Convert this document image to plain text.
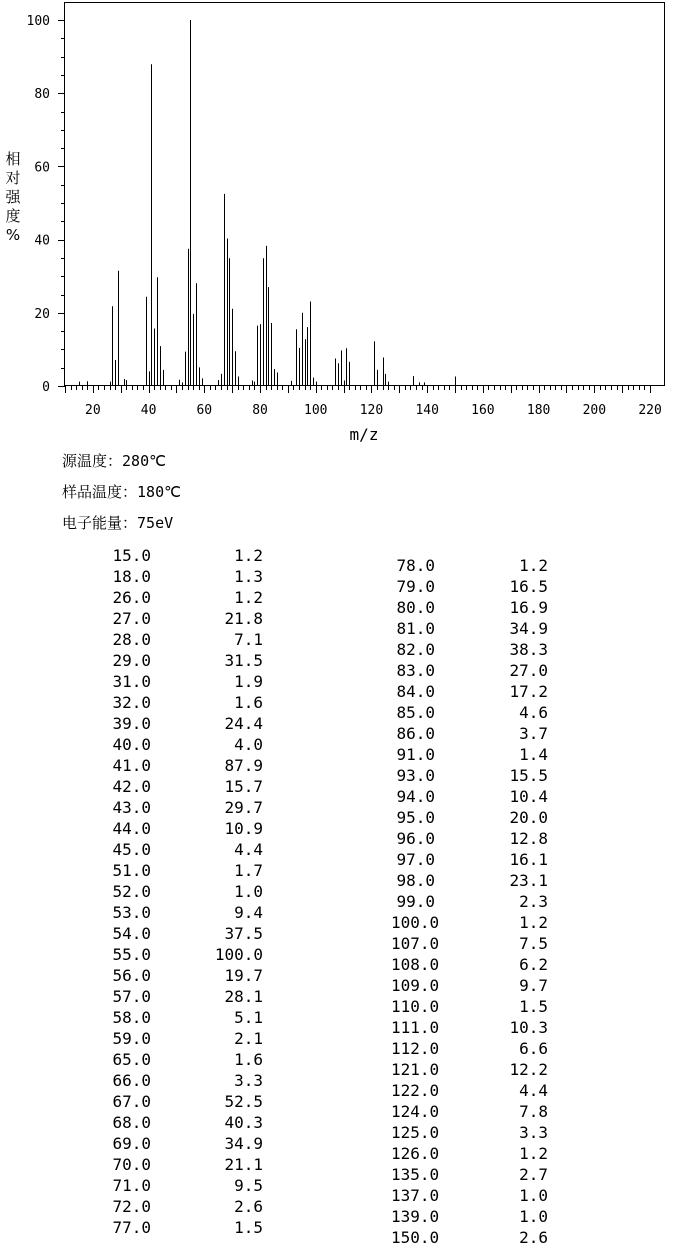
20	40	60	80	100 120 140 160 180 200 220
0
20
40
60
80
100
m/z
相
对
强
度
%
源温度：280℃
样品温度：180℃
电子能量：75eV
15.0	1.2
18.0	1.3
26.0	1.2
27.0	21.8
28.0	7.1
29.0	31.5
31.0	1.9
32.0	1.6
39.0	24.4
40.0	4.0
41.0	87.9
42.0	15.7
43.0	29.7
44.0	10.9
45.0	4.4
51.0	1.7
52.0	1.0
53.0	9.4
54.0	37.5
55.0	100.0
56.0	19.7
57.0	28.1
58.0	5.1
59.0	2.1
65.0	1.6
66.0	3.3
67.0	52.5
68.0	40.3
69.0	34.9
70.0	21.1
71.0	9.5
72.0	2.6
77.0	1.5
78.0	1.2
79.0	16.5
80.0	16.9
81.0	34.9
82.0	38.3
83.0	27.0
84.0	17.2
85.0	4.6
86.0	3.7
91.0	1.4
93.0	15.5
94.0	10.4
95.0	20.0
96.0	12.8
97.0	16.1
98.0	23.1
99.0	2.3
100.0	1.2
107.0	7.5
108.0	6.2
109.0	9.7
110.0	1.5
111.0	10.3
112.0	6.6
121.0	12.2
122.0	4.4
124.0	7.8
125.0	3.3
126.0	1.2
135.0	2.7
137.0	1.0
139.0	1.0
150.0	2.6
